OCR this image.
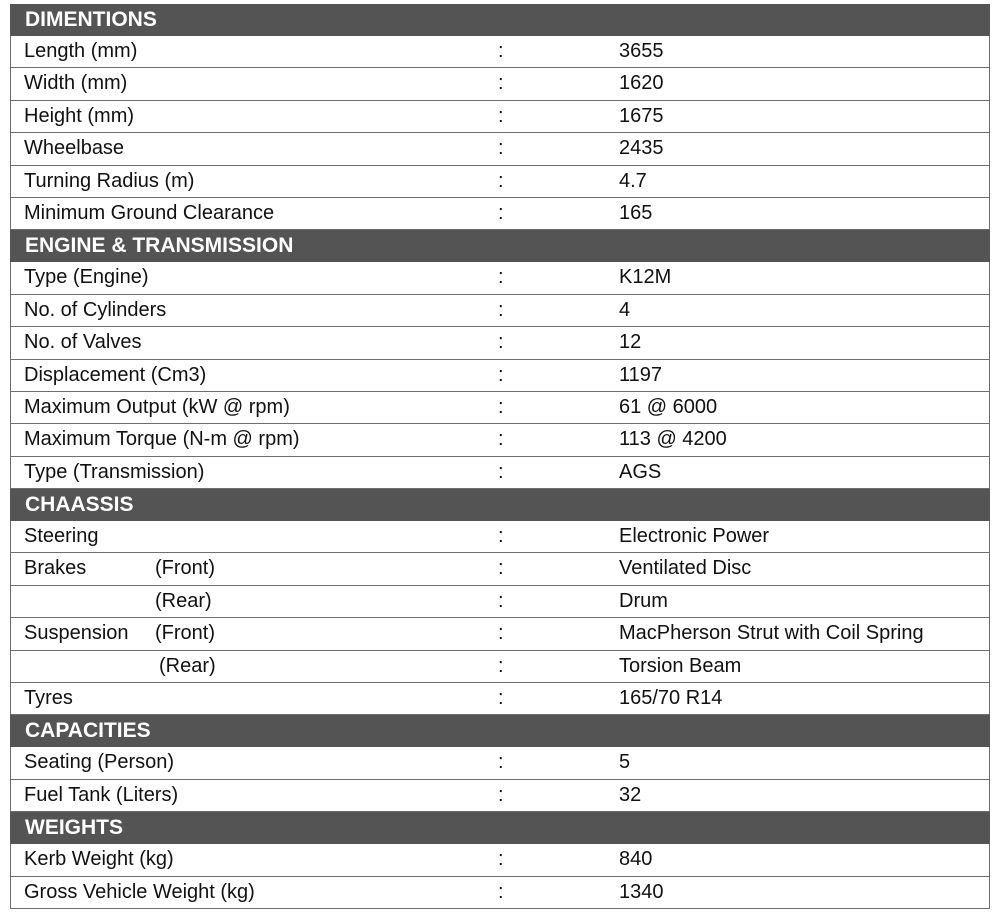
DIMENTIONS
Length (mm)	:	3655
Width (mm)	:	1620
Height (mm)	:	1675
Wheelbase	:	2435
Turning Radius (m)	:	4.7
Minimum Ground Clearance	:	165
ENGINE & TRANSMISSION
Type (Engine)	:	K12M
No. of Cylinders	:	4
No. of Valves	:	12
Displacement (Cm3)	:	1197
Maximum Output (kW @ rpm)	:	61 @ 6000
Maximum Torque (N-m @ rpm)	:	113 @ 4200
Type (Transmission)	:	AGS
CHAASSIS
Steering	:	Electronic Power
Brakes	(Front)	:	Ventilated Disc
(Rear)	:	Drum
Suspension (Front)	:	MacPherson Strut with Coil Spring
(Rear)	:	Torsion Beam
Tyres	:	165/70 R14
CAPACITIES
Seating (Person)	:	5
Fuel Tank (Liters)	:	32
WEIGHTS
Kerb Weight (kg)	:	840
Gross Vehicle Weight (kg)	:	1340
